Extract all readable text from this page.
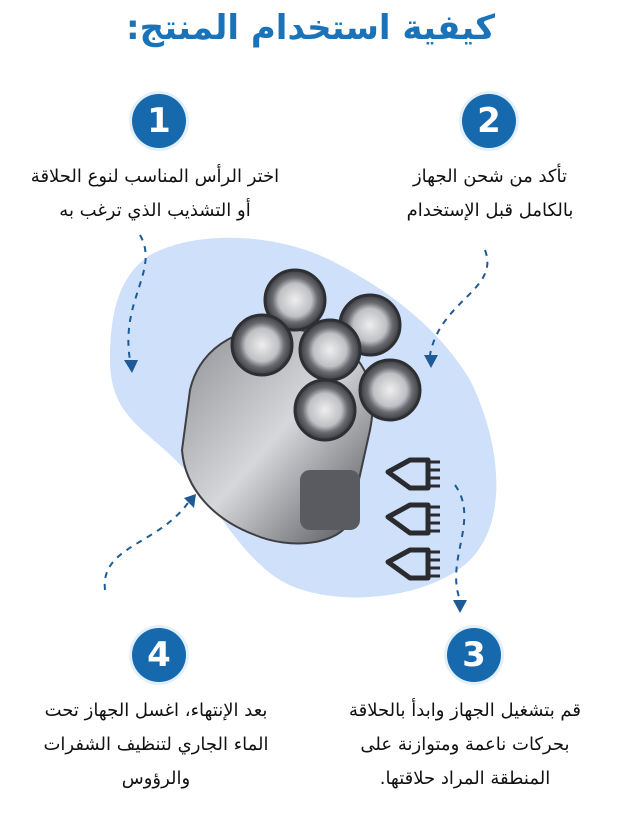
كيفية استخدام المنتج:
1	2
3
4
اختر الرأس المناسب لنوع الحلاقة
أو التشذيب الذي ترغب به
تأكد من شحن الجهاز
بالكامل قبل الإستخدام
قم بتشغيل الجهاز وابدأ بالحلاقة
بحركات ناعمة ومتوازنة على
المنطقة المراد حلاقتها.
بعد الإنتهاء، اغسل الجهاز تحت
الماء الجاري لتنظيف الشفرات
والرؤوس
